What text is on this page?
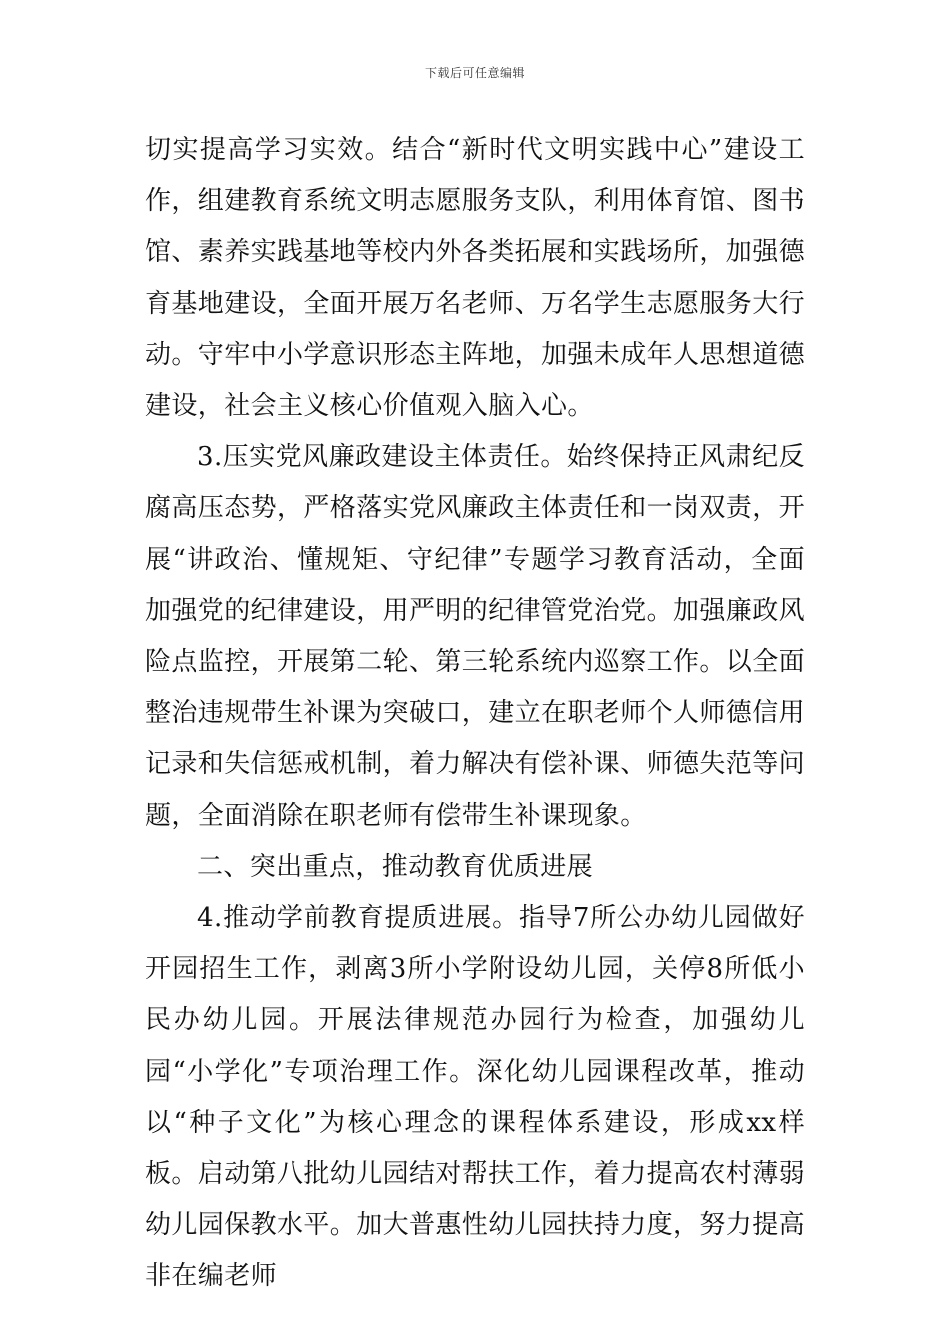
下载后可任意编辑

切实提高学习实效。结合“新时代文明实践中心”建设工作，组建教育系统文明志愿服务支队，利用体育馆、图书馆、素养实践基地等校内外各类拓展和实践场所，加强德育基地建设，全面开展万名老师、万名学生志愿服务大行动。守牢中小学意识形态主阵地，加强未成年人思想道德建设，社会主义核心价值观入脑入心。

3.压实党风廉政建设主体责任。始终保持正风肃纪反腐高压态势，严格落实党风廉政主体责任和一岗双责，开展“讲政治、懂规矩、守纪律”专题学习教育活动，全面加强党的纪律建设，用严明的纪律管党治党。加强廉政风险点监控，开展第二轮、第三轮系统内巡察工作。以全面整治违规带生补课为突破口，建立在职老师个人师德信用记录和失信惩戒机制，着力解决有偿补课、师德失范等问题，全面消除在职老师有偿带生补课现象。

二、突出重点，推动教育优质进展

4.推动学前教育提质进展。指导7所公办幼儿园做好开园招生工作，剥离3所小学附设幼儿园，关停8所低小民办幼儿园。开展法律规范办园行为检查，加强幼儿园“小学化”专项治理工作。深化幼儿园课程改革，推动以“种子文化”为核心理念的课程体系建设，形成xx样板。启动第八批幼儿园结对帮扶工作，着力提高农村薄弱幼儿园保教水平。加大普惠性幼儿园扶持力度，努力提高非在编老师
